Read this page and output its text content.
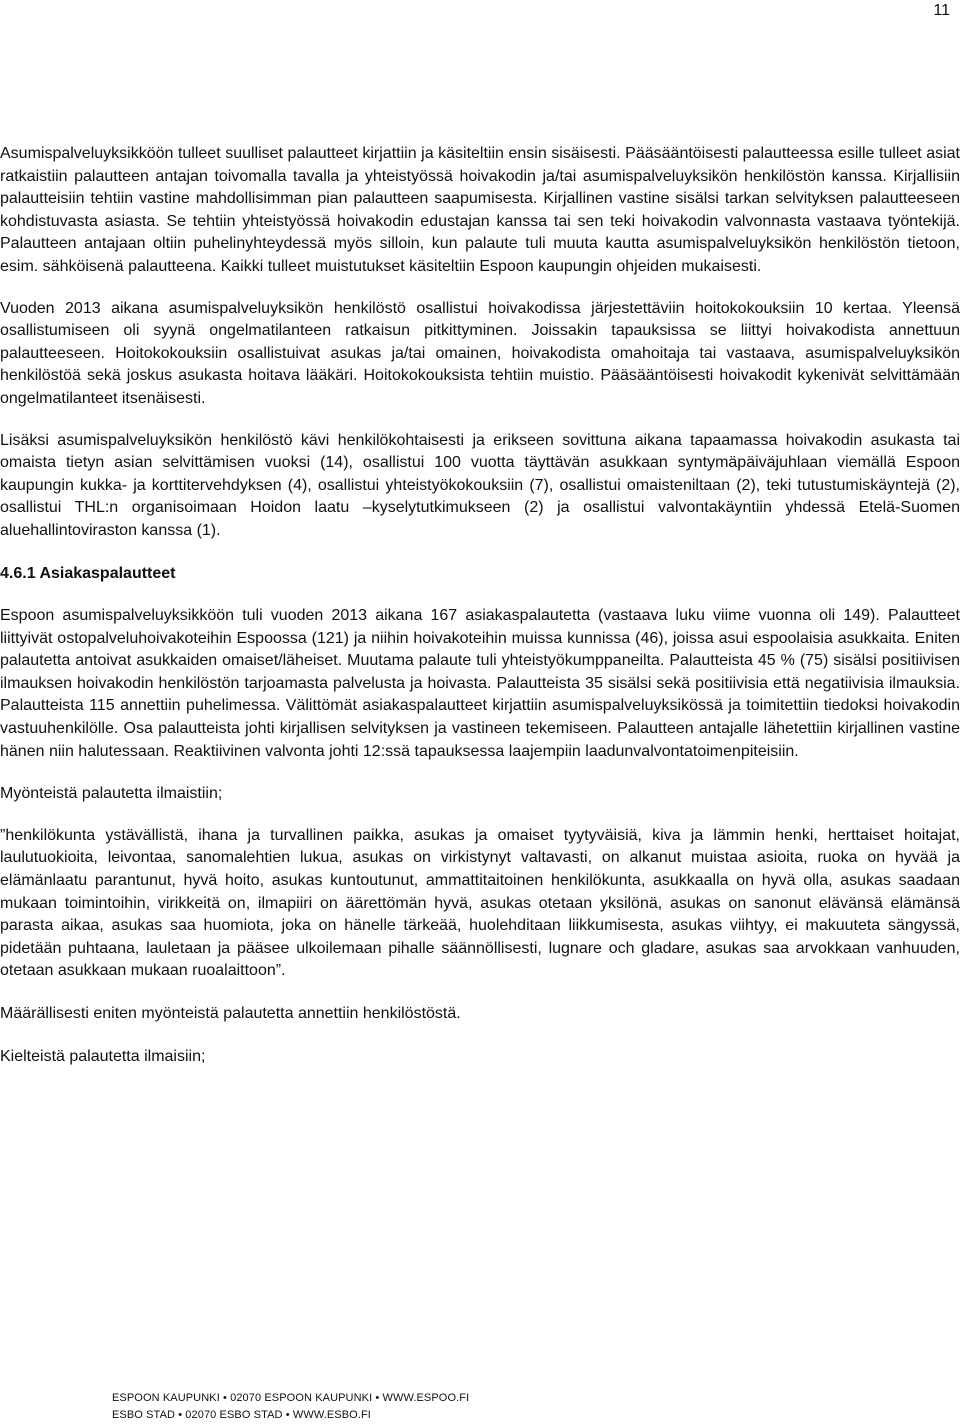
11

Asumispalveluyksikköön tulleet suulliset palautteet kirjattiin ja käsiteltiin ensin sisäisesti. Pääsääntöisesti palautteessa esille tulleet asiat ratkaistiin palautteen antajan toivomalla tavalla ja yhteistyössä hoivakodin ja/tai asumispalveluyksikön henkilöstön kanssa. Kirjallisiin palautteisiin tehtiin vastine mahdollisimman pian palautteen saapumisesta. Kirjallinen vastine sisälsi tarkan selvityksen palautteeseen kohdistuvasta asiasta. Se tehtiin yhteistyössä hoivakodin edustajan kanssa tai sen teki hoivakodin valvonnasta vastaava työntekijä. Palautteen antajaan oltiin puhelinyhteydessä myös silloin, kun palaute tuli muuta kautta asumispalveluyksikön henkilöstön tietoon, esim. sähköisenä palautteena. Kaikki tulleet muistutukset käsiteltiin Espoon kaupungin ohjeiden mukaisesti.

Vuoden 2013 aikana asumispalveluyksikön henkilöstö osallistui hoivakodissa järjestettäviin hoitokokouksiin 10 kertaa. Yleensä osallistumiseen oli syynä ongelmatilanteen ratkaisun pitkittyminen. Joissakin tapauksissa se liittyi hoivakodista annettuun palautteeseen. Hoitokokouksiin osallistuivat asukas ja/tai omainen, hoivakodista omahoitaja tai vastaava, asumispalveluyksikön henkilöstöä sekä joskus asukasta hoitava lääkäri. Hoitokokouksista tehtiin muistio. Pääsääntöisesti hoivakodit kykenivät selvittämään ongelmatilanteet itsenäisesti.

Lisäksi asumispalveluyksikön henkilöstö kävi henkilökohtaisesti ja erikseen sovittuna aikana tapaamassa hoivakodin asukasta tai omaista tietyn asian selvittämisen vuoksi (14), osallistui 100 vuotta täyttävän asukkaan syntymäpäiväjuhlaan viemällä Espoon kaupungin kukka- ja korttitervehdyksen (4), osallistui yhteistyökokouksiin (7), osallistui omaisteniltaan (2), teki tutustumiskäyntejä (2), osallistui THL:n organisoimaan Hoidon laatu –kyselytutkimukseen (2) ja osallistui valvontakäyntiin yhdessä Etelä-Suomen aluehallintoviraston kanssa (1).

4.6.1 Asiakaspalautteet

Espoon asumispalveluyksikköön tuli vuoden 2013 aikana 167 asiakaspalautetta (vastaava luku viime vuonna oli 149). Palautteet liittyivät ostopalveluhoivakoteihin Espoossa (121) ja niihin hoivakoteihin muissa kunnissa (46), joissa asui espoolaisia asukkaita. Eniten palautetta antoivat asukkaiden omaiset/läheiset. Muutama palaute tuli yhteistyökumppaneilta. Palautteista 45 % (75) sisälsi positiivisen ilmauksen hoivakodin henkilöstön tarjoamasta palvelusta ja hoivasta. Palautteista 35 sisälsi sekä positiivisia että negatiivisia ilmauksia. Palautteista 115 annettiin puhelimessa. Välittömät asiakaspalautteet kirjattiin asumispalveluyksikössä ja toimitettiin tiedoksi hoivakodin vastuuhenkilölle. Osa palautteista johti kirjallisen selvityksen ja vastineen tekemiseen. Palautteen antajalle lähetettiin kirjallinen vastine hänen niin halutessaan. Reaktiivinen valvonta johti 12:ssä tapauksessa laajempiin laadunvalvontatoimenpiteisiin.

Myönteistä palautetta ilmaistiin;

”henkilökunta ystävällistä, ihana ja turvallinen paikka, asukas ja omaiset tyytyväisiä, kiva ja lämmin henki, herttaiset hoitajat, laulutuokioita, leivontaa, sanomalehtien lukua, asukas on virkistynyt valtavasti, on alkanut muistaa asioita, ruoka on hyvää ja elämänlaatu parantunut, hyvä hoito, asukas kuntoutunut, ammattitaitoinen henkilökunta, asukkaalla on hyvä olla, asukas saadaan mukaan toimintoihin, virikkeitä on, ilmapiiri on äärettömän hyvä, asukas otetaan yksilönä, asukas on sanonut elävänsä elämänsä parasta aikaa, asukas saa huomiota, joka on hänelle tärkeää, huolehditaan liikkumisesta, asukas viihtyy, ei makuuteta sängyssä, pidetään puhtaana, lauletaan ja pääsee ulkoilemaan pihalle säännöllisesti, lugnare och gladare, asukas saa arvokkaan vanhuuden, otetaan asukkaan mukaan ruoalaittoon”.

Määrällisesti eniten myönteistä palautetta annettiin henkilöstöstä.

Kielteistä palautetta ilmaisiin;

ESPOON KAUPUNKI • 02070 ESPOON KAUPUNKI • WWW.ESPOO.FI
ESBO STAD • 02070 ESBO STAD • WWW.ESBO.FI
